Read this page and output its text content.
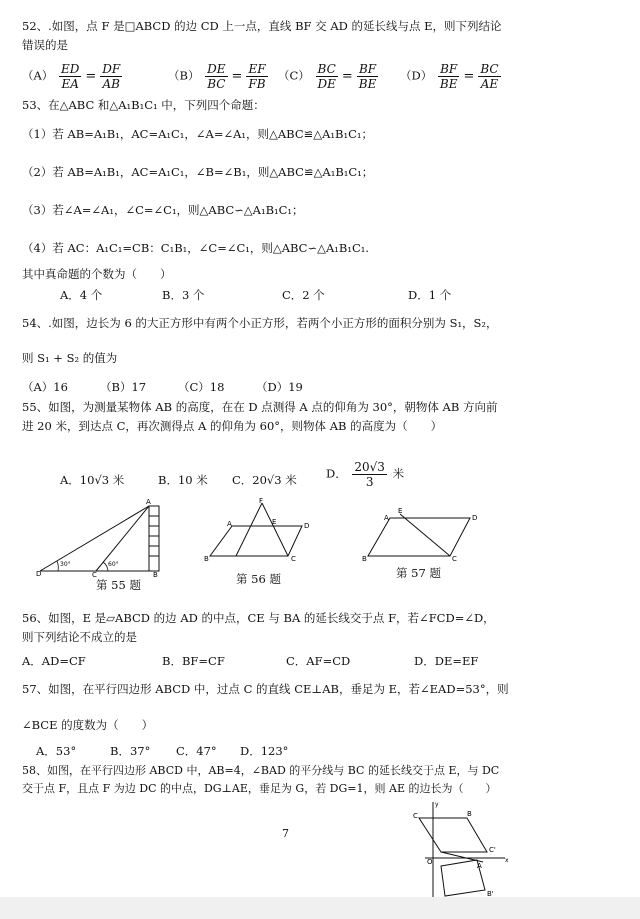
52、.如图，点 F 是□ABCD 的边 CD 上一点，直线 BF 交 AD 的延长线与点 E，则下列结论
错误的是
$(A) \frac{ED}{EA} = \frac{DF}{AB}$	$(B) \frac{DE}{BC} = \frac{EF}{FB} (C) \frac{BC}{DE} = \frac{BF}{BE} (D) \frac{BF}{BE} = \frac{BC}{AE}$
53、在△ABC 和△A₁B₁C₁ 中，下列四个命题：
（1）若 AB=A₁B₁，AC=A₁C₁，∠A=∠A₁，则△ABC≌△A₁B₁C₁；
（2）若 AB=A₁B₁，AC=A₁C₁，∠B=∠B₁，则△ABC≌△A₁B₁C₁；
（3）若∠A=∠A₁，∠C=∠C₁，则△ABC∽△A₁B₁C₁；
（4）若 AC：A₁C₁=CB：C₁B₁，∠C=∠C₁，则△ABC∽△A₁B₁C₁.
其中真命题的个数为（　　）
A．4 个	B．3 个	C．2 个	D．1 个
54、.如图，边长为 6 的大正方形中有两个小正方形，若两个小正方形的面积分别为 S₁，S₂，
则 S₁ + S₂ 的值为
（A）16	（B）17	（C）18	（D）19
55、如图，为测量某物体 AB 的高度，在在 D 点测得 A 点的仰角为 30°，朝物体 AB 方向前
进 20 米，到达点 C，再次测得点 A 的仰角为 60°，则物体 AB 的高度为（　　）
A．10√3 米	B．10 米 C．20√3 米	D． $\frac{20√3}{3}$ 米
D	C
A
B
30°	60°
F
A	E	D
B	C
E
A	D
B	C
第 55 题	第 56 题	第 57 题
56、如图，E 是▱ABCD 的边 AD 的中点，CE 与 BA 的延长线交于点 F，若∠FCD=∠D，
则下列结论不成立的是
A．AD=CF	B．BF=CF	C．AF=CD	D．DE=EF
57、如图，在平行四边形 ABCD 中，过点 C 的直线 CE⊥AB，垂足为 E，若∠EAD=53°，则
∠BCE 的度数为（　　）
A．53°	B．37° C．47° D．123°
58、如图，在平行四边形 ABCD 中，AB=4，∠BAD 的平分线与 BC 的延长线交于点 E，与 DC
交于点 F，且点 F 为边 DC 的中点，DG⊥AE，垂足为 G，若 DG=1，则 AE 的边长为（　　）
7
C	B
C'
O	A
B'
y
x
